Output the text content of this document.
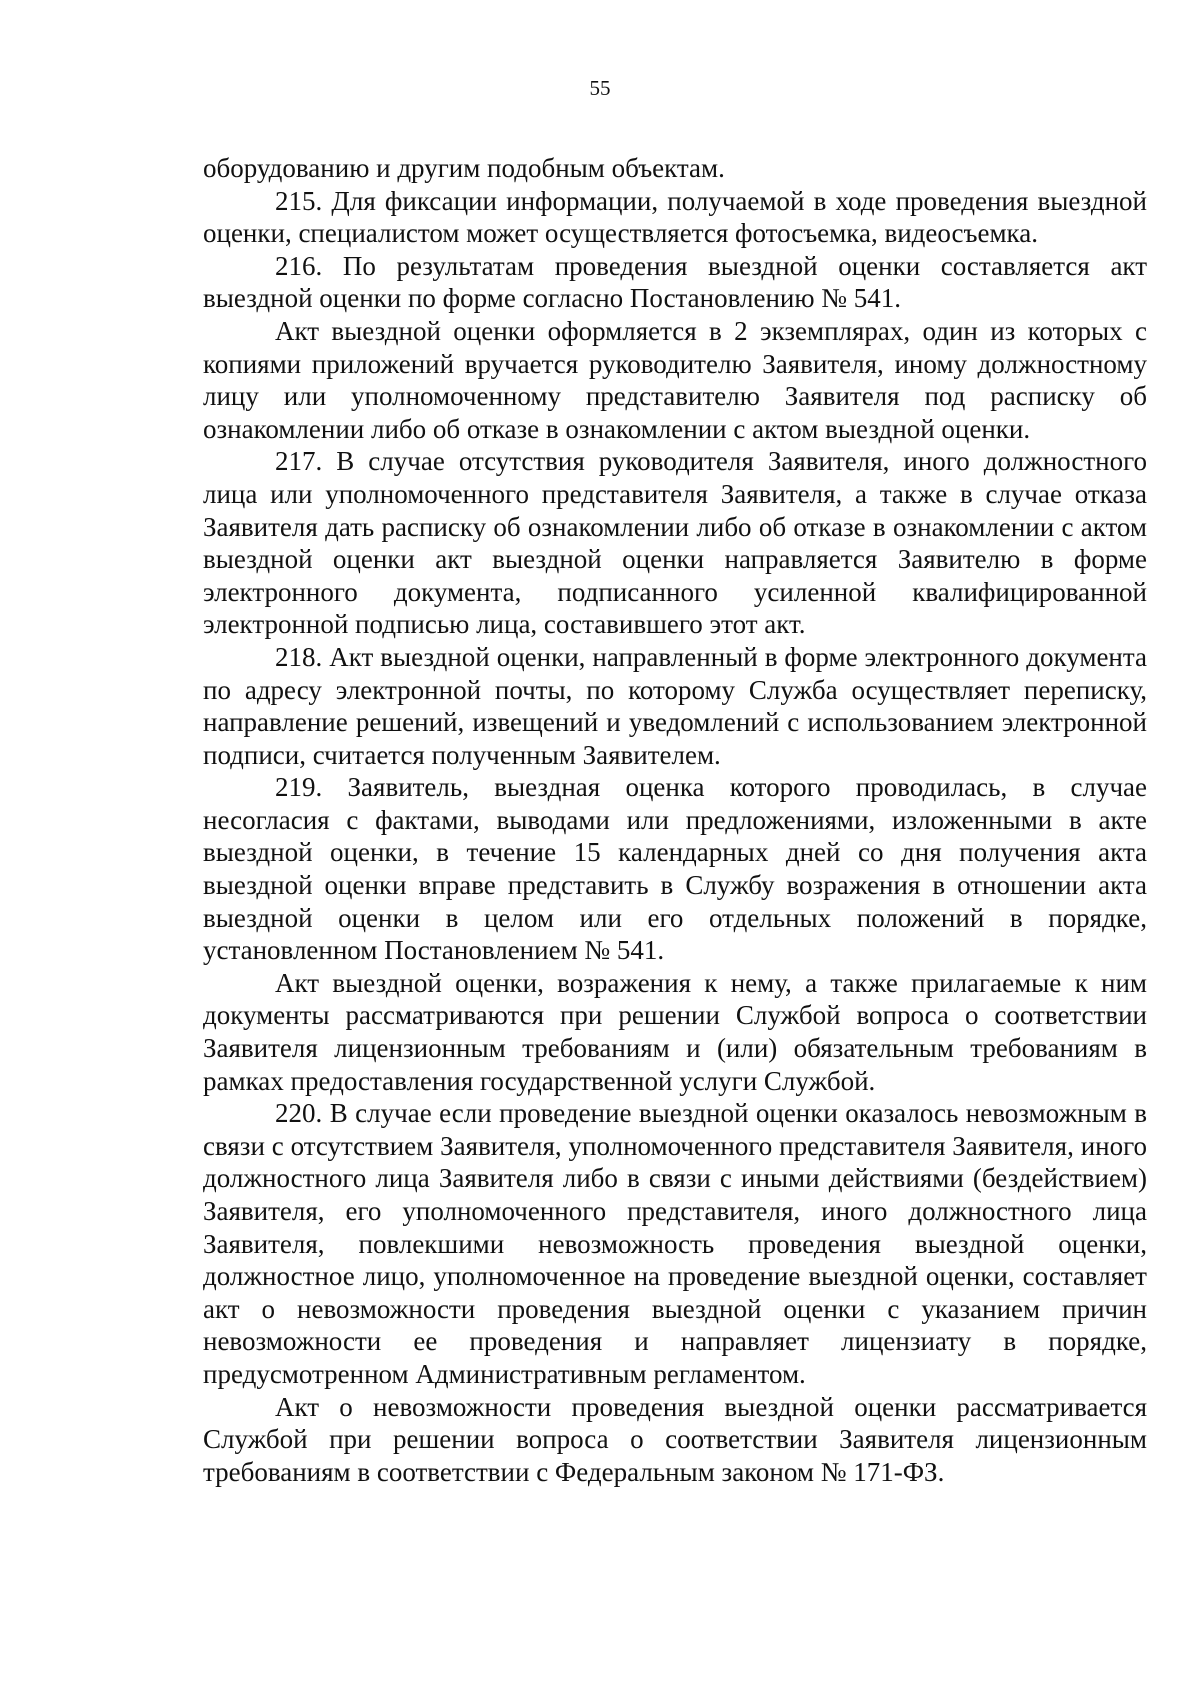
55

оборудованию и другим подобным объектам.

215. Для фиксации информации, получаемой в ходе проведения выездной оценки, специалистом может осуществляется фотосъемка, видеосъемка.

216. По результатам проведения выездной оценки составляется акт выездной оценки по форме согласно Постановлению № 541.

Акт выездной оценки оформляется в 2 экземплярах, один из которых с копиями приложений вручается руководителю Заявителя, иному должностному лицу или уполномоченному представителю Заявителя под расписку об ознакомлении либо об отказе в ознакомлении с актом выездной оценки.

217. В случае отсутствия руководителя Заявителя, иного должностного лица или уполномоченного представителя Заявителя, а также в случае отказа Заявителя дать расписку об ознакомлении либо об отказе в ознакомлении с актом выездной оценки акт выездной оценки направляется Заявителю в форме электронного документа, подписанного усиленной квалифицированной электронной подписью лица, составившего этот акт.

218. Акт выездной оценки, направленный в форме электронного документа по адресу электронной почты, по которому Служба осуществляет переписку, направление решений, извещений и уведомлений с использованием электронной подписи, считается полученным Заявителем.

219. Заявитель, выездная оценка которого проводилась, в случае несогласия с фактами, выводами или предложениями, изложенными в акте выездной оценки, в течение 15 календарных дней со дня получения акта выездной оценки вправе представить в Службу возражения в отношении акта выездной оценки в целом или его отдельных положений в порядке, установленном Постановлением № 541.

Акт выездной оценки, возражения к нему, а также прилагаемые к ним документы рассматриваются при решении Службой вопроса о соответствии Заявителя лицензионным требованиям и (или) обязательным требованиям в рамках предоставления государственной услуги Службой.

220. В случае если проведение выездной оценки оказалось невозможным в связи с отсутствием Заявителя, уполномоченного представителя Заявителя, иного должностного лица Заявителя либо в связи с иными действиями (бездействием) Заявителя, его уполномоченного представителя, иного должностного лица Заявителя, повлекшими невозможность проведения выездной оценки, должностное лицо, уполномоченное на проведение выездной оценки, составляет акт о невозможности проведения выездной оценки с указанием причин невозможности ее проведения и направляет лицензиату в порядке, предусмотренном Административным регламентом.

Акт о невозможности проведения выездной оценки рассматривается Службой при решении вопроса о соответствии Заявителя лицензионным требованиям в соответствии с Федеральным законом № 171-ФЗ.
